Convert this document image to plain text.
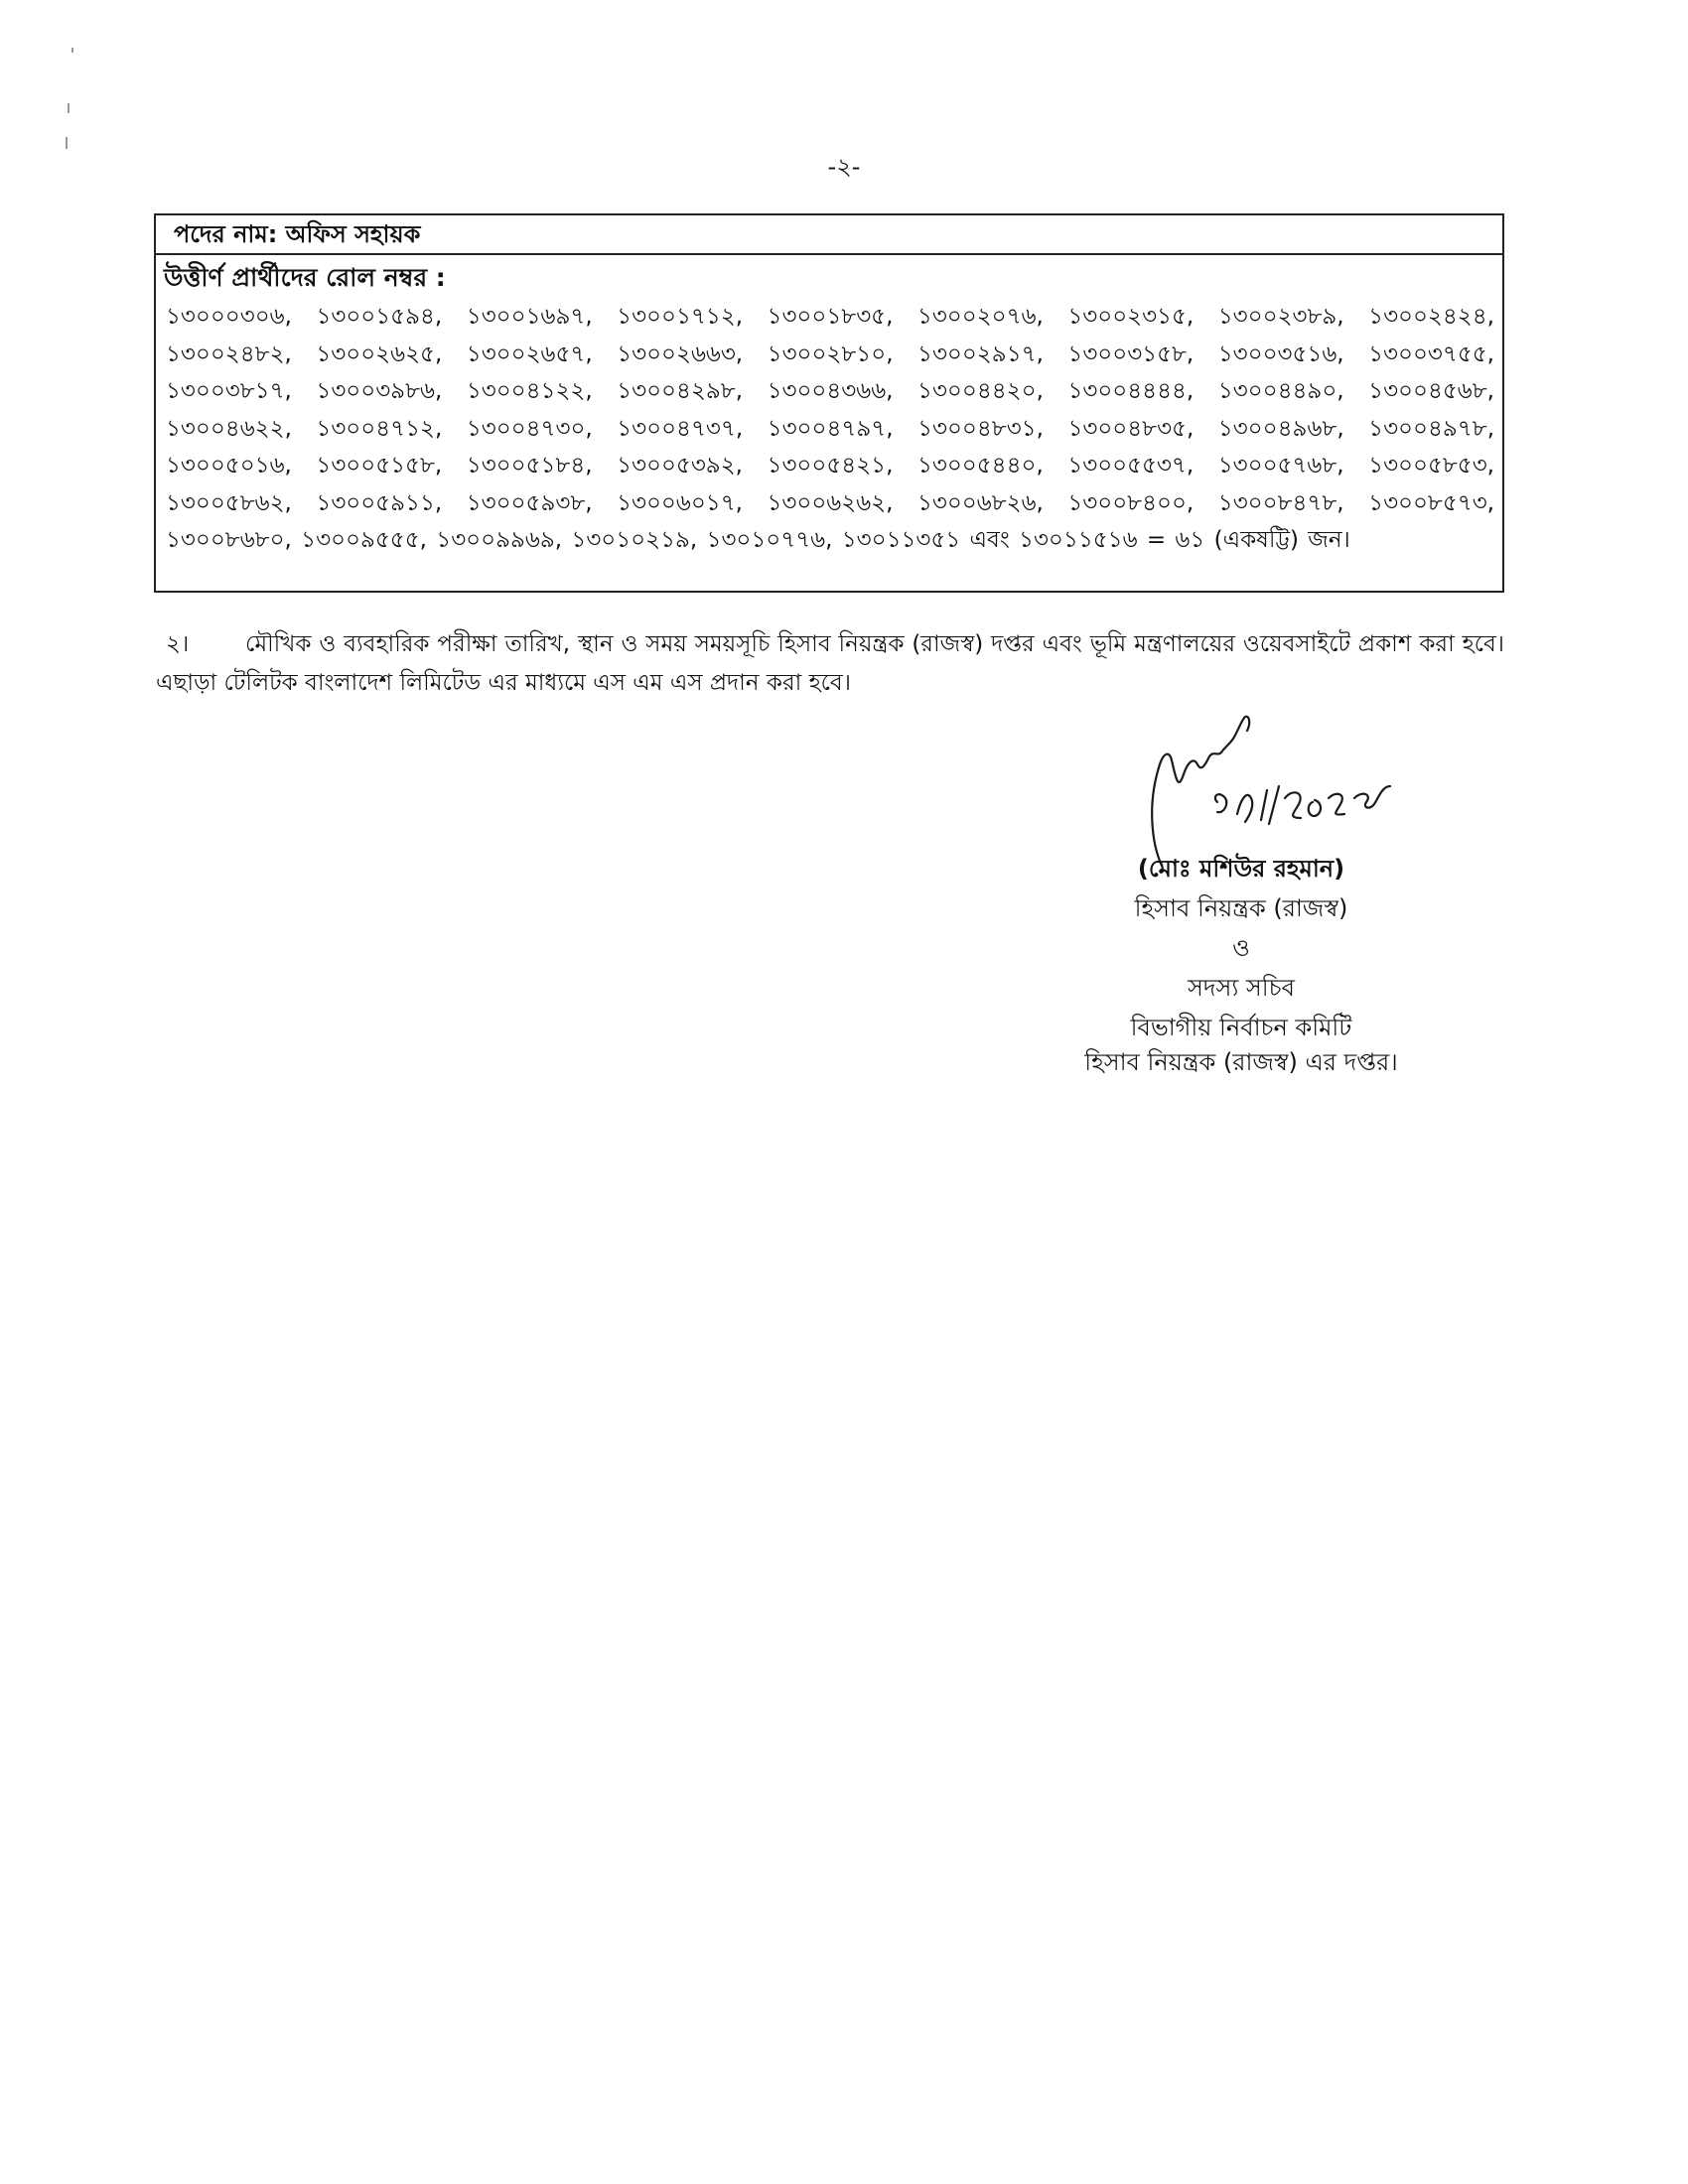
-২-
পদের নাম: অফিস সহায়ক
উত্তীর্ণ প্রার্থীদের রোল নম্বর :
১৩০০০৩০৬, ১৩০০১৫৯৪, ১৩০০১৬৯৭, ১৩০০১৭১২, ১৩০০১৮৩৫, ১৩০০২০৭৬, ১৩০০২৩১৫, ১৩০০২৩৮৯, ১৩০০২৪২৪, ১৩০০২৪৮২, ১৩০০২৬২৫, ১৩০০২৬৫৭, ১৩০০২৬৬৩, ১৩০০২৮১০, ১৩০০২৯১৭, ১৩০০৩১৫৮, ১৩০০৩৫১৬, ১৩০০৩৭৫৫, ১৩০০৩৮১৭, ১৩০০৩৯৮৬, ১৩০০৪১২২, ১৩০০৪২৯৮, ১৩০০৪৩৬৬, ১৩০০৪৪২০, ১৩০০৪৪৪৪, ১৩০০৪৪৯০, ১৩০০৪৫৬৮, ১৩০০৪৬২২, ১৩০০৪৭১২, ১৩০০৪৭৩০, ১৩০০৪৭৩৭, ১৩০০৪৭৯৭, ১৩০০৪৮৩১, ১৩০০৪৮৩৫, ১৩০০৪৯৬৮, ১৩০০৪৯৭৮, ১৩০০৫০১৬, ১৩০০৫১৫৮, ১৩০০৫১৮৪, ১৩০০৫৩৯২, ১৩০০৫৪২১, ১৩০০৫৪৪০, ১৩০০৫৫৩৭, ১৩০০৫৭৬৮, ১৩০০৫৮৫৩, ১৩০০৫৮৬২, ১৩০০৫৯১১, ১৩০০৫৯৩৮, ১৩০০৬০১৭, ১৩০০৬২৬২, ১৩০০৬৮২৬, ১৩০০৮৪০০, ১৩০০৮৪৭৮, ১৩০০৮৫৭৩, ১৩০০৮৬৮০, ১৩০০৯৫৫৫, ১৩০০৯৯৬৯, ১৩০১০২১৯, ১৩০১০৭৭৬, ১৩০১১৩৫১ এবং ১৩০১১৫১৬ = ৬১ (একষট্টি) জন।
২। মৌখিক ও ব্যবহারিক পরীক্ষা তারিখ, স্থান ও সময় সময়সূচি হিসাব নিয়ন্ত্রক (রাজস্ব) দপ্তর এবং ভূমি মন্ত্রণালয়ের ওয়েবসাইটে প্রকাশ করা হবে। এছাড়া টেলিটক বাংলাদেশ লিমিটেড এর মাধ্যমে এস এম এস প্রদান করা হবে।
(মোঃ মশিউর রহমান)
হিসাব নিয়ন্ত্রক (রাজস্ব)
ও
সদস্য সচিব
বিভাগীয় নির্বাচন কমিটি
হিসাব নিয়ন্ত্রক (রাজস্ব) এর দপ্তর।
